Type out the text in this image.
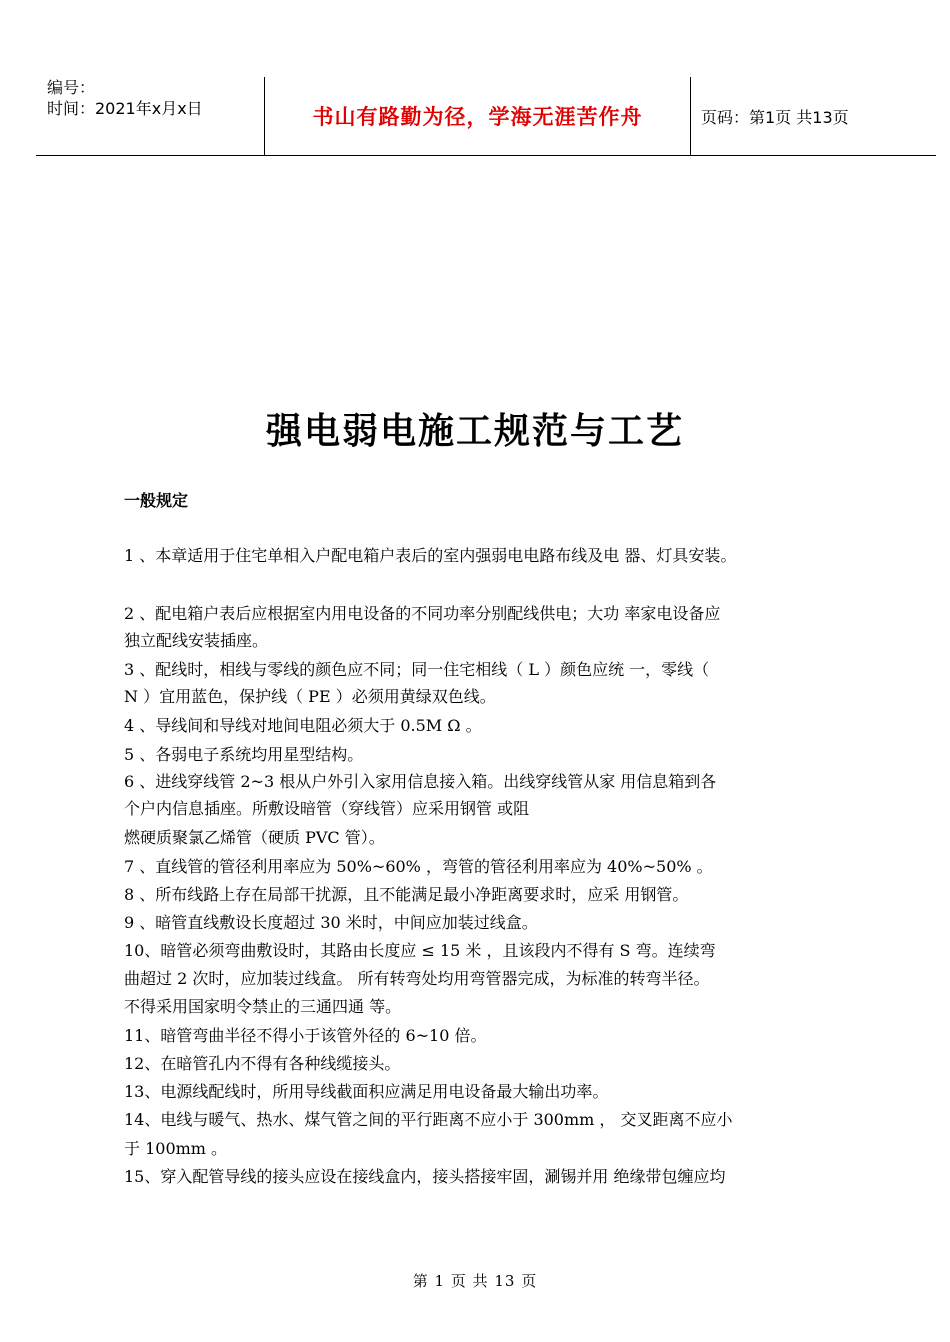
编号：
时间：2021年x月x日	书山有路勤为径，学海无涯苦作舟	页码：第1页 共13页
强电弱电施工规范与工艺
一般规定
1 、本章适用于住宅单相入户配电箱户表后的室内强弱电电路布线及电 器、灯具安装。
2 、配电箱户表后应根据室内用电设备的不同功率分别配线供电；大功 率家电设备应
独立配线安装插座。
3 、配线时，相线与零线的颜色应不同；同一住宅相线（ L ）颜色应统 一，零线（
N ）宜用蓝色，保护线（ PE ）必须用黄绿双色线。
4 、导线间和导线对地间电阻必须大于 0.5M Ω 。
5 、各弱电子系统均用星型结构。
6 、进线穿线管 2~3 根从户外引入家用信息接入箱。出线穿线管从家 用信息箱到各
个户内信息插座。所敷设暗管（穿线管）应采用钢管 或阻
燃硬质聚氯乙烯管（硬质 PVC 管）。
7 、直线管的管径利用率应为 50%~60% ，弯管的管径利用率应为 40%~50% 。
8 、所布线路上存在局部干扰源，且不能满足最小净距离要求时，应采 用钢管。
9 、暗管直线敷设长度超过 30 米时，中间应加装过线盒。
10、暗管必须弯曲敷设时，其路由长度应 ≤ 15 米 ，且该段内不得有 S 弯。连续弯
曲超过 2 次时，应加装过线盒。 所有转弯处均用弯管器完成，为标准的转弯半径。
不得采用国家明令禁止的三通四通 等。
11、暗管弯曲半径不得小于该管外径的 6~10 倍。
12、在暗管孔内不得有各种线缆接头。
13、电源线配线时，所用导线截面积应满足用电设备最大输出功率。
14、电线与暖气、热水、煤气管之间的平行距离不应小于 300mm ， 交叉距离不应小
于 100mm 。
15、穿入配管导线的接头应设在接线盒内，接头搭接牢固，涮锡并用 绝缘带包缠应均
第 1 页 共 13 页
